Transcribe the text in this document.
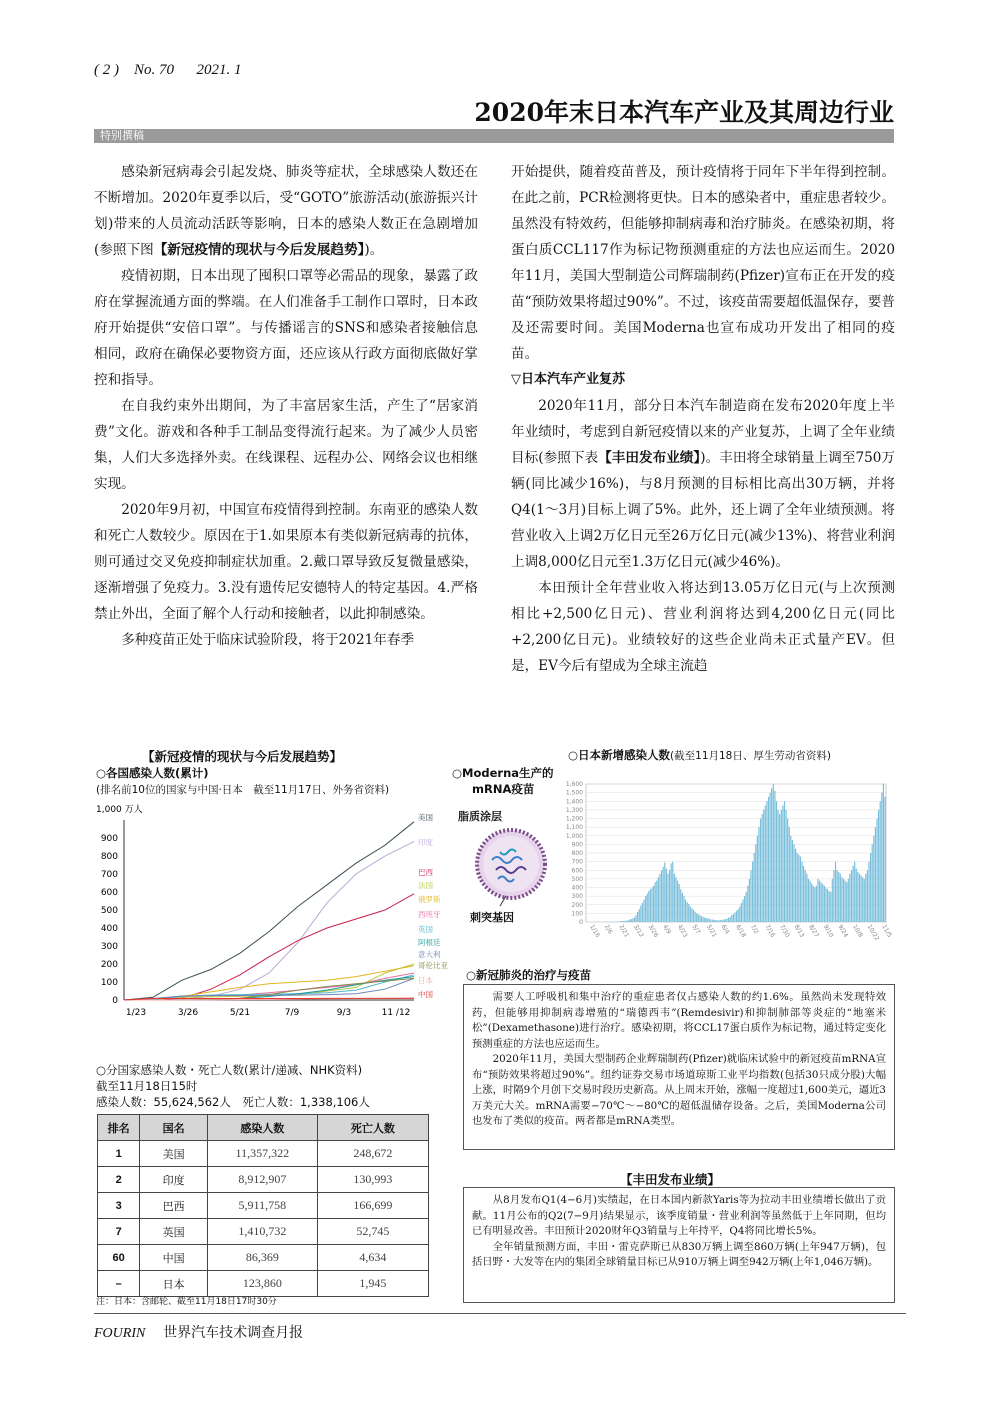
( 2 ) No. 70 2021. 1
2020年末日本汽车产业及其周边行业
特别撰稿

感染新冠病毒会引起发烧、肺炎等症状，全球感染人数还在不断增加。2020年夏季以后，受“GOTO”旅游活动(旅游振兴计划)带来的人员流动活跃等影响，日本的感染人数正在急剧增加(参照下图【新冠疫情的现状与今后发展趋势】)。

疫情初期，日本出现了囤积口罩等必需品的现象，暴露了政府在掌握流通方面的弊端。在人们准备手工制作口罩时，日本政府开始提供“安倍口罩”。与传播谣言的SNS和感染者接触信息相同，政府在确保必要物资方面，还应该从行政方面彻底做好掌控和指导。

在自我约束外出期间，为了丰富居家生活，产生了“居家消费”文化。游戏和各种手工制品变得流行起来。为了减少人员密集，人们大多选择外卖。在线课程、远程办公、网络会议也相继实现。

2020年9月初，中国宣布疫情得到控制。东南亚的感染人数和死亡人数较少。原因在于1.如果原本有类似新冠病毒的抗体，则可通过交叉免疫抑制症状加重。2.戴口罩导致反复微量感染，逐渐增强了免疫力。3.没有遗传尼安德特人的特定基因。4.严格禁止外出，全面了解个人行动和接触者，以此抑制感染。

多种疫苗正处于临床试验阶段，将于2021年春季

开始提供，随着疫苗普及，预计疫情将于同年下半年得到控制。在此之前，PCR检测将更快。日本的感染者中，重症患者较少。虽然没有特效药，但能够抑制病毒和治疗肺炎。在感染初期，将蛋白质CCL117作为标记物预测重症的方法也应运而生。2020年11月，美国大型制造公司辉瑞制药(Pfizer)宣布正在开发的疫苗“预防效果将超过90%”。不过，该疫苗需要超低温保存，要普及还需要时间。美国Moderna也宣布成功开发出了相同的疫苗。

▽日本汽车产业复苏

2020年11月，部分日本汽车制造商在发布2020年度上半年业绩时，考虑到自新冠疫情以来的产业复苏，上调了全年业绩目标(参照下表【丰田发布业绩】)。丰田将全球销量上调至750万辆(同比减少16%)，与8月预测的目标相比高出30万辆，并将Q4(1～3月)目标上调了5%。此外，还上调了全年业绩预测。将营业收入上调2万亿日元至26万亿日元(减少13%)、将营业利润上调8,000亿日元至1.3万亿日元(减少46%)。

本田预计全年营业收入将达到13.05万亿日元(与上次预测相比+2,500亿日元)、营业利润将达到4,200亿日元(同比+2,200亿日元)。业绩较好的这些企业尚未正式量产EV。但是，EV今后有望成为全球主流趋

【新冠疫情的现状与今后发展趋势】
○各国感染人数(累计)
(排名前10位的国家与中国·日本　截至11月17日、外务省资料)
0
100
200
300
400
500
600
700
800
900
1,000 万人
1/23	3/26	5/21	7/9	9/3	11 /12
美国
印度
巴西
法国
俄罗斯
西班牙
英国
阿根廷
意大利
哥伦比亚
日本
中国
○Moderna生产的
mRNA疫苗
脂质涂层
刺突基因
○日本新增感染人数(截至11月18日、厚生劳动省资料)
1,600
1,500
1,400
1,300
1,200
1,100
1,000
900
800
700
600
500
400
300
200
100
0
1/16 2/6 2/21 3/12 3/26 4/9 4/23 5/7 5/21 6/4 6/18 7/2 7/16 7/30 8/13 8/27 9/10 9/24 10/8 10/22 11/5
○分国家感染人数・死亡人数(累计/递减、NHK资料)
截至11月18日15时
感染人数：55,624,562人　死亡人数：1,338,106人
排名	国名	感染人数	死亡人数
1	美国	11,357,322	248,672
2	印度	8,912,907	130,993
3	巴西	5,911,758	166,699
7	英国	1,410,732	52,745
60	中国	86,369	4,634
–	日本	123,860	1,945
注：日本：含邮轮、截至11月18日17时30分
○新冠肺炎的治疗与疫苗

需要人工呼吸机和集中治疗的重症患者仅占感染人数的约1.6%。虽然尚未发现特效药，但能够用抑制病毒增殖的“瑞德西韦”(Remdesivir)和抑制肺部等炎症的“地塞米松”(Dexamethasone)进行治疗。感染初期，将CCL17蛋白质作为标记物，通过特定变化预测重症的方法也应运而生。

2020年11月，美国大型制药企业辉瑞制药(Pfizer)就临床试验中的新冠疫苗mRNA宣布“预防效果将超过90%”。纽约证券交易市场道琼斯工业平均指数(包括30只成分股)大幅上涨，时隔9个月创下交易时段历史新高。从上周末开始，涨幅一度超过1,600美元，逼近3万美元大关。mRNA需要−70℃～−80℃的超低温储存设备。之后，美国Moderna公司也发布了类似的疫苗。两者都是mRNA类型。

【丰田发布业绩】

从8月发布Q1(4−6月)实绩起，在日本国内新款Yaris等为拉动丰田业绩增长做出了贡献。11月公布的Q2(7−9月)结果显示，该季度销量・营业利润等虽然低于上年同期，但均已有明显改善。丰田预计2020财年Q3销量与上年持平，Q4将同比增长5%。

全年销量预测方面，丰田・雷克萨斯已从830万辆上调至860万辆(上年947万辆)，包括日野・大发等在内的集团全球销量目标已从910万辆上调至942万辆(上年1,046万辆)。

FOURIN 世界汽车技术调查月报
